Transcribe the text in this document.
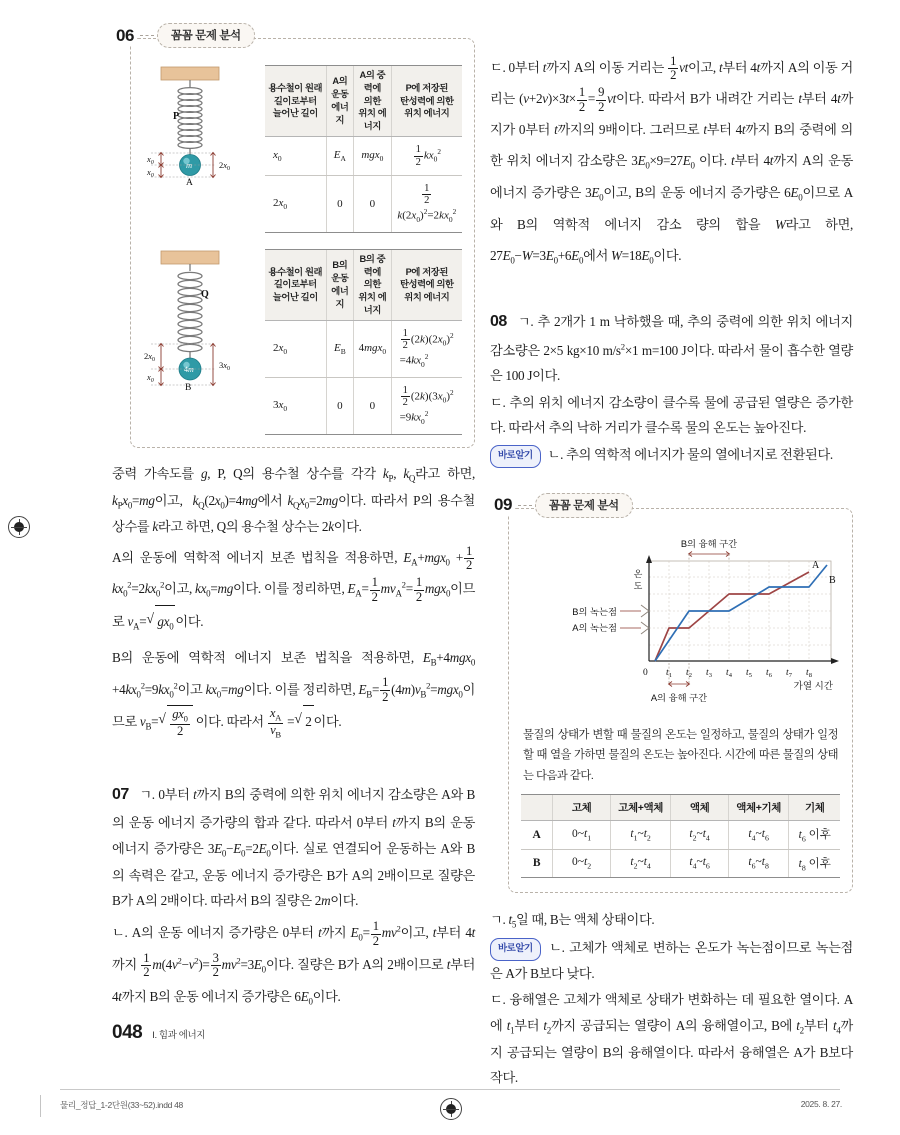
06	꼼꼼 문제 분석
P
m
A
$x_0$
$x_0$
$2x_0$
용수철이 원래
길이로부터
늘어난 길이	A의
운동
에너지	A의 중력에
의한
위치 에너지	P에 저장된
탄성력에 의한
위치 에너지
$x_0$	$E_A$	mgx$_0$	$\frac{1}{2} kx_0^2$
$2x_0$	0	0	$\frac{1}{2}$
$k(2x_0)^2=2kx_0^2$
Q
4m
B
$2x_0$
$x_0$
$3x_0$
용수철이 원래
길이로부터
늘어난 길이	B의
운동
에너지	B의 중력에
의한
위치 에너지	P에 저장된
탄성력에 의한
위치 에너지
$2x_0$	$E_B$	4mgx$_0$	$\frac{1}{2} (2k)(2x_0)^2$
$=4kx_0^2$
$3x_0$	0	0	$\frac{1}{2} (2k)(3x_0)^2$
$=9kx_0^2$

중력 가속도를 g, P, Q의 용수철 상수를 각각 $k_P$, $k_Q$라고 하면, $k_Px_0=mg$이고,  $k_Q(2x_0)=4mg$에서 $k_Qx_0=2mg$이다. 따라서 P의 용수철 상수를 k라고 하면, Q의 용수철 상수는 2k이다.

A의 운동에 역학적 에너지 보존 법칙을 적용하면, $E_A+mgx_0 + \frac{1}{2}$
$kx_0^2=2kx_0^2$이고, $kx_0=mg$이다. 이를 정리하면, $E_A= \frac{1}{2} mv_A^2= \frac{1}{2} mgx_0$이므로 $v_A=$ √ $gx_0$ 이다.

B의 운동에 역학적 에너지 보존 법칙을 적용하면, $E_B+4mgx_0 +4kx_0^2=9kx_0^2$이고 $kx_0=mg$이다. 이를 정리하면, $E_B= \frac{1}{2} (4m)v_B^2=mgx_0$이므로 $v_B=$ √ $\frac{gx_0}{2}$ 이다. 따라서 $\frac{x_A}{v_B}$ = √ 2 이다.

07 ㄱ. 0부터 t까지 B의 중력에 의한 위치 에너지 감소량은 A와 B의 운동 에너지 증가량의 합과 같다. 따라서 0부터 t까지 B의 운동 에너지 증가량은 $3E_0-E_0=2E_0$이다. 실로 연결되어 운동하는 A와 B의 속력은 같고, 운동 에너지 증가량은 B가 A의 2배이므로 질량은 B가 A의 2배이다. 따라서 B의 질량은 2m이다.

ㄴ. A의 운동 에너지 증가량은 0부터 t까지 $E_0= \frac{1}{2} mv^2$이고, t부터 4t까지 $\frac{1}{2} m(4v^2-v^2)= \frac{3}{2} mv^2=3E_0$이다. 질량은 B가 A의 2배이므로 t부터 4t까지 B의 운동 에너지 증가량은 $6E_0$이다.

048 I. 힘과 에너지

ㄷ. 0부터 t까지 A의 이동 거리는 $\frac{1}{2}$ vt이고, t부터 4t까지 A의 이동 거리는 $(v+2v)\times 3t\times \frac{1}{2} = \frac{9}{2}$ vt이다. 따라서 B가 내려간 거리는 t부터 4t까지가 0부터 t까지의 9배이다. 그러므로 t부터 4t까지 B의 중력에 의한 위치 에너지 감소량은 $3E_0\times 9=27E_0$ 이다. t부터 4t까지 A의 운동 에너지 증가량은 $3E_0$이고, B의 운동 에너지 증가량은 $6E_0$이므로 A와 B의 역학적 에너지 감소 량의 합을 W라고 하면, $27E_0-W=3E_0+6E_0$에서 $W=18E_0$이다.

08 ㄱ. 추 2개가 1 m 낙하했을 때, 추의 중력에 의한 위치 에너지 감소량은 2×5 kg×10 $m/s^2\times 1$ m=100 J이다. 따라서 물이 흡수한 열량은 100 J이다.

ㄷ. 추의 위치 에너지 감소량이 클수록 물에 공급된 열량은 증가한다. 따라서 추의 낙하 거리가 클수록 물의 온도는 높아진다.

바로알기 ㄴ. 추의 역학적 에너지가 물의 열에너지로 전환된다.

09	꼼꼼 문제 분석
온
도
A
B
0 $t_1$ $t_2$ $t_3$ $t_4$ $t_5$ $t_6$ $t_7$ $t_8$
가열 시간
B의 융해 구간
A의 융해 구간
B의 녹는점
A의 녹는점

물질의 상태가 변할 때 물질의 온도는 일정하고, 물질의 상태가 일정할 때 열을 가하면 물질의 온도는 높아진다. 시간에 따른 물질의 상태는 다음과 같다.

	고체	고체+액체	액체	액체+기체	기체
A	$0\sim t_1$	$t_1\sim t_2$	$t_2\sim t_4$	$t_4\sim t_6$	$t_6$ 이후
B	$0\sim t_2$	$t_2\sim t_4$	$t_4\sim t_6$	$t_6\sim t_8$	$t_8$ 이후

ㄱ. $t_5$일 때, B는 액체 상태이다.

바로알기 ㄴ. 고체가 액체로 변하는 온도가 녹는점이므로 녹는점은 A가 B보다 낮다.

ㄷ. 융해열은 고체가 액체로 상태가 변화하는 데 필요한 열이다. A에 $t_1$부터 $t_2$까지 공급되는 열량이 A의 융해열이고, B에 $t_2$부터 $t_4$까지 공급되는 열량이 B의 융해열이다. 따라서 융해열은 A가 B보다 작다.

물리_정답_1-2단원(33~52).indd 48	2025. 8. 27.
